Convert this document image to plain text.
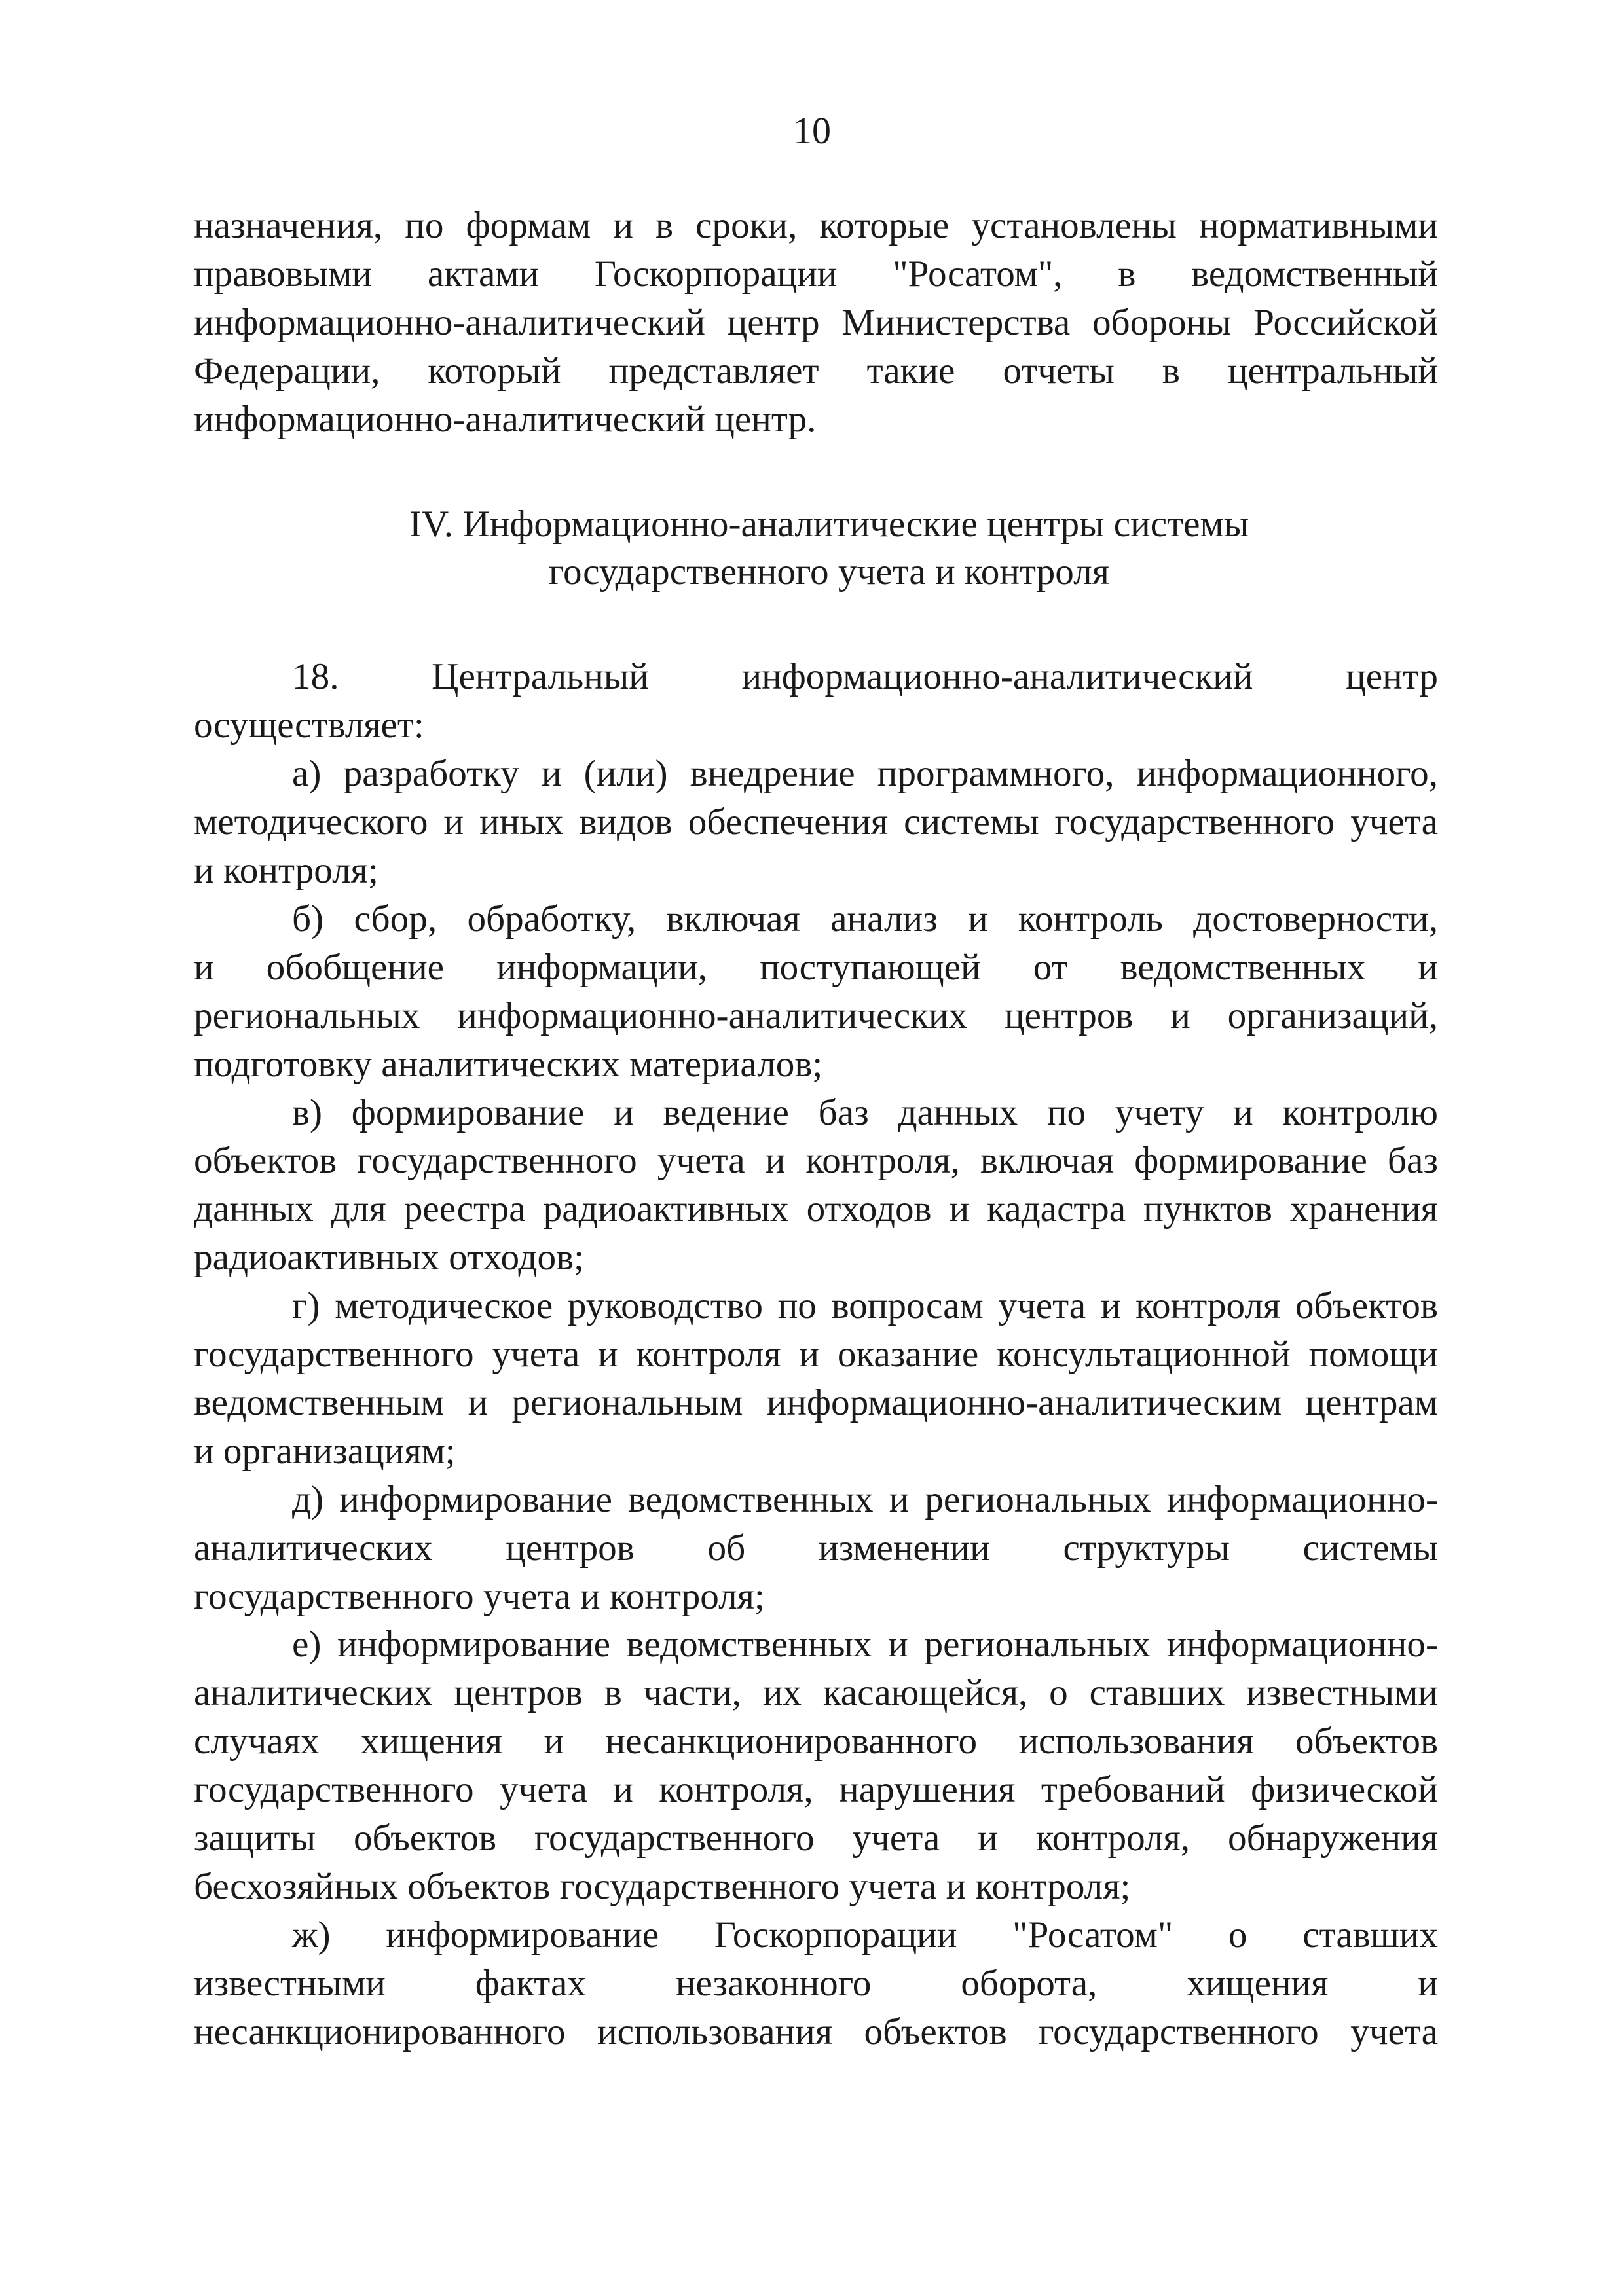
10
назначения, по формам и в сроки, которые установлены нормативными
правовыми актами Госкорпорации "Росатом", в ведомственный
информационно-аналитический центр Министерства обороны Российской
Федерации, который представляет такие отчеты в центральный
информационно-аналитический центр.
IV. Информационно-аналитические центры системы
государственного учета и контроля
18. Центральный информационно-аналитический центр
осуществляет:
а) разработку и (или) внедрение программного, информационного,
методического и иных видов обеспечения системы государственного учета
и контроля;
б) сбор, обработку, включая анализ и контроль достоверности,
и обобщение информации, поступающей от ведомственных и
региональных информационно-аналитических центров и организаций,
подготовку аналитических материалов;
в) формирование и ведение баз данных по учету и контролю
объектов государственного учета и контроля, включая формирование баз
данных для реестра радиоактивных отходов и кадастра пунктов хранения
радиоактивных отходов;
г) методическое руководство по вопросам учета и контроля объектов
государственного учета и контроля и оказание консультационной помощи
ведомственным и региональным информационно-аналитическим центрам
и организациям;
д) информирование ведомственных и региональных информационно-
аналитических центров об изменении структуры системы
государственного учета и контроля;
е) информирование ведомственных и региональных информационно-
аналитических центров в части, их касающейся, о ставших известными
случаях хищения и несанкционированного использования объектов
государственного учета и контроля, нарушения требований физической
защиты объектов государственного учета и контроля, обнаружения
бесхозяйных объектов государственного учета и контроля;
ж) информирование Госкорпорации "Росатом" о ставших
известными фактах незаконного оборота, хищения и
несанкционированного использования объектов государственного учета
